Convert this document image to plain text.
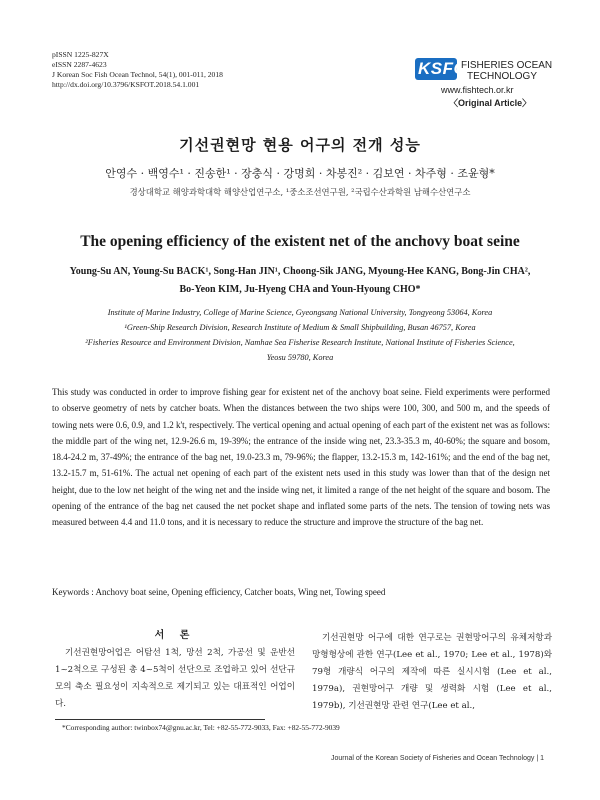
pISSN 1225-827X
eISSN 2287-4623
J Korean Soc Fish Ocean Technol, 54(1), 001-011, 2018
http://dx.doi.org/10.3796/KSFOT.2018.54.1.001
KSFOT
FISHERIES OCEAN
TECHNOLOGY
www.fishtech.or.kr
〈Original Article〉
기선권현망 현용 어구의 전개 성능
안영수 · 백영수¹ · 진송한¹ · 장충식 · 강명희 · 차봉진² · 김보연 · 차주형 · 조윤형*
경상대학교 해양과학대학 해양산업연구소, ¹중소조선연구원, ²국립수산과학원 남해수산연구소
The opening efficiency of the existent net of the anchovy boat seine
Young-Su AN, Young-Su BACK¹, Song-Han JIN¹, Choong-Sik JANG, Myoung-Hee KANG, Bong-Jin CHA²,
Bo-Yeon KIM, Ju-Hyeng CHA and Youn-Hyoung CHO*
Institute of Marine Industry, College of Marine Science, Gyeongsang National University, Tongyeong 53064, Korea
¹Green-Ship Research Division, Research Institute of Medium & Small Shipbuilding, Busan 46757, Korea
²Fisheries Resource and Environment Division, Namhae Sea Fisherise Research Institute, National Institute of Fisheries Science,
Yeosu 59780, Korea
This study was conducted in order to improve fishing gear for existent net of the anchovy boat seine. Field experiments were performed to observe geometry of nets by catcher boats. When the distances between the two ships were 100, 300, and 500 m, and the speeds of towing nets were 0.6, 0.9, and 1.2 k't, respectively. The vertical opening and actual opening of each part of the existent net was as follows: the middle part of the wing net, 12.9-26.6 m, 19-39%; the entrance of the inside wing net, 23.3-35.3 m, 40-60%; the square and bosom, 18.4-24.2 m, 37-49%; the entrance of the bag net, 19.0-23.3 m, 79-96%; the flapper, 13.2-15.3 m, 142-161%; and the end of the bag net, 13.2-15.7 m, 51-61%. The actual net opening of each part of the existent nets used in this study was lower than that of the design net height, due to the low net height of the wing net and the inside wing net, it limited a range of the net height of the square and bosom. The opening of the entrance of the bag net caused the net pocket shape and inflated some parts of the nets. The tension of towing nets was measured between 4.4 and 11.0 tons, and it is necessary to reduce the structure and improve the structure of the bag net.
Keywords : Anchovy boat seine, Opening efficiency, Catcher boats, Wing net, Towing speed
서 론

기선권현망어업은 어탐선 1척, 망선 2척, 가공선 및 운반선 1~2척으로 구성된 총 4~5척이 선단으로 조업하고 있어 선단규모의 축소 필요성이 지속적으로 제기되고 있는 대표적인 어업이다.

기선권현망 어구에 대한 연구로는 권현망어구의 유체저항과 망형형상에 관한 연구(Lee et al., 1970; Lee et al., 1978)와 79형 개량식 어구의 제작에 따른 실시시험 (Lee et al., 1979a), 권현망어구 개량 및 생력화 시험 (Lee et al., 1979b), 기선권현망 관련 연구(Lee et al.,

*Corresponding author: twinbox74@gnu.ac.kr, Tel: +82-55-772-9033, Fax: +82-55-772-9039
Journal of the Korean Society of Fisheries and Ocean Technology | 1
